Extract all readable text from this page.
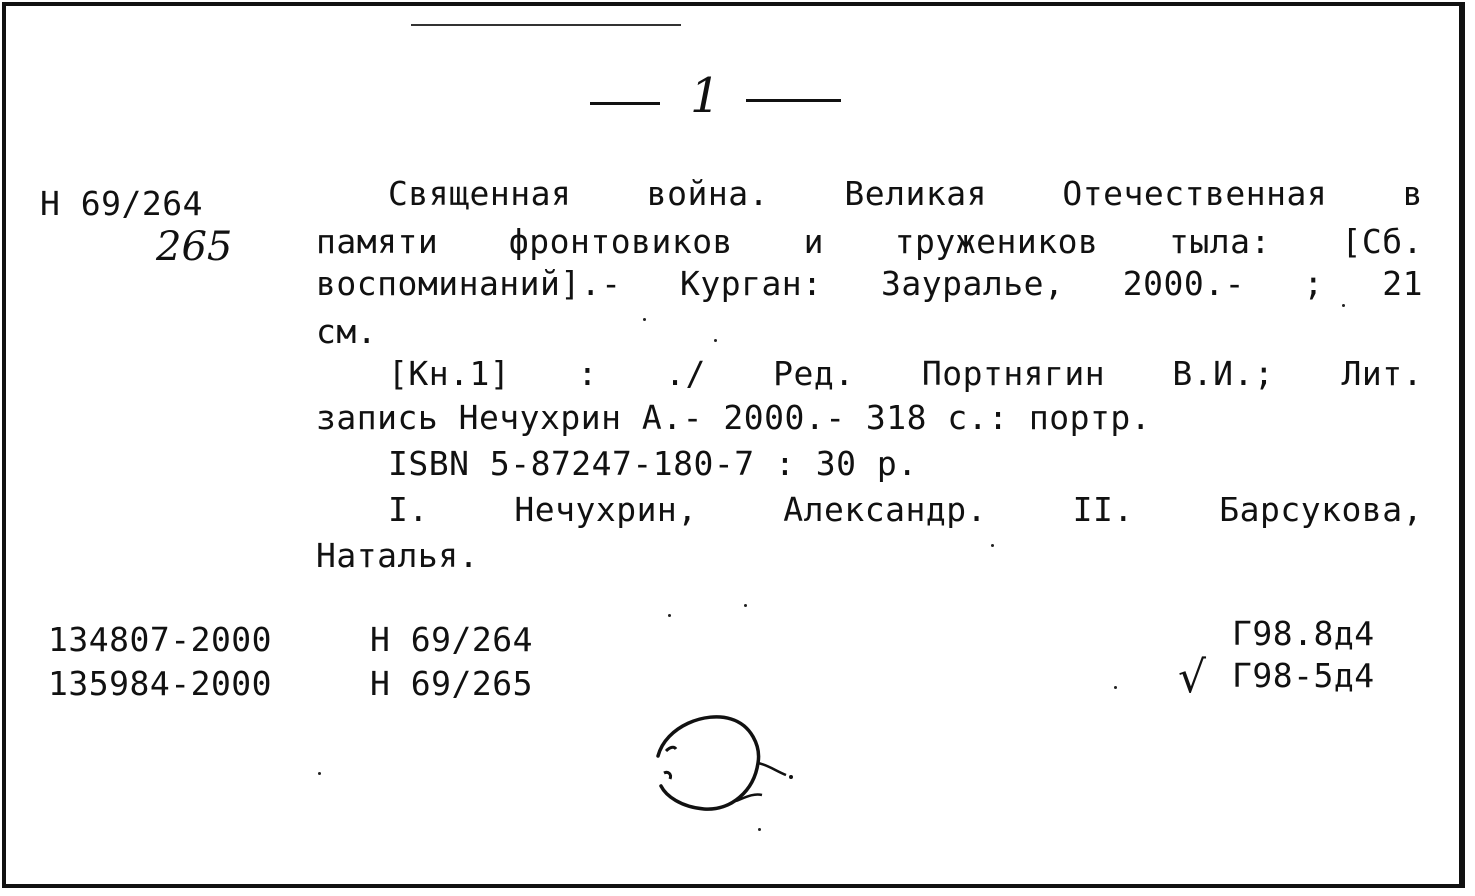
1
Н 69/264
265
Священная война. Великая Отечественная в
памяти фронтовиков и тружеников тыла: [Сб.
воспоминаний].- Курган: Зауралье, 2000.- ; 21
см.
[Кн.1] : ./ Ред. Портнягин В.И.; Лит.
запись Нечухрин А.- 2000.- 318 с.: портр.
ISBN 5-87247-180-7 : 30 р.
I. Нечухрин, Александр. II. Барсукова,
Наталья.
134807-2000	Н 69/264
135984-2000	Н 69/265
Г98.8д4
√ Г98-5д4
